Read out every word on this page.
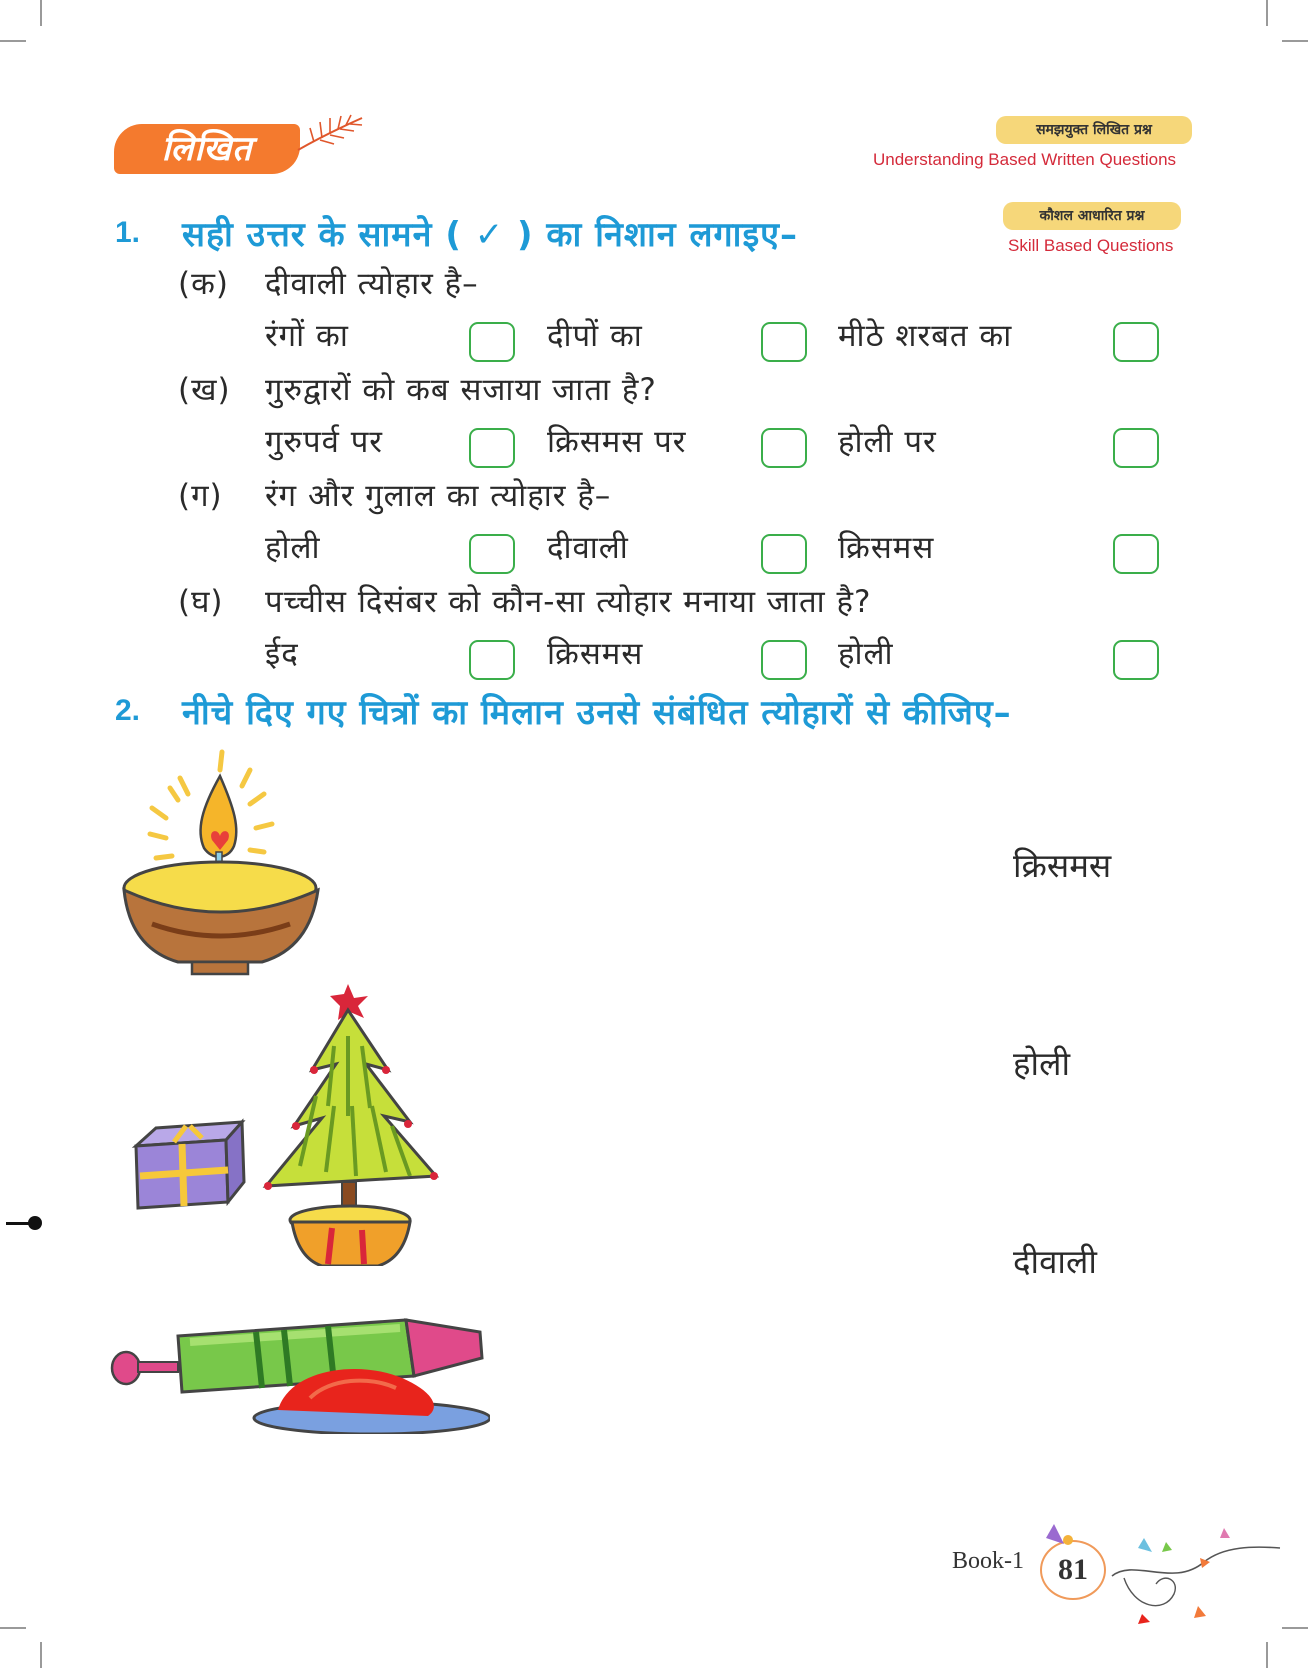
लिखित	समझयुक्त लिखित प्रश्न
Understanding Based Written Questions
कौशल आधारित प्रश्न
Skill Based Questions
1. सही उत्तर के सामने ( ✓ ) का निशान लगाइए–
(क) दीवाली त्योहार है–
रंगों का	दीपों का	मीठे शरबत का
(ख) गुरुद्वारों को कब सजाया जाता है?
गुरुपर्व पर	क्रिसमस पर	होली पर
(ग) रंग और गुलाल का त्योहार है–
होली	दीवाली	क्रिसमस
(घ) पच्चीस दिसंबर को कौन-सा त्योहार मनाया जाता है?
ईद	क्रिसमस	होली
2. नीचे दिए गए चित्रों का मिलान उनसे संबंधित त्योहारों से कीजिए–
क्रिसमस
होली
दीवाली
Book-1	81
